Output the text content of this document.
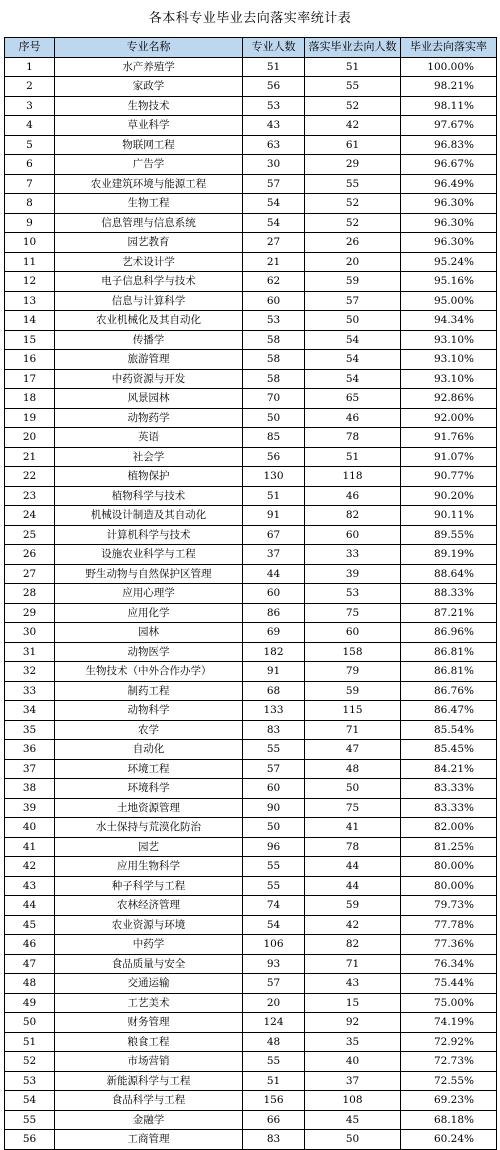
各本科专业毕业去向落实率统计表
序号	专业名称	专业人数	落实毕业去向人数	毕业去向落实率
1	水产养殖学	51	51	100.00%
2	家政学	56	55	98.21%
3	生物技术	53	52	98.11%
4	草业科学	43	42	97.67%
5	物联网工程	63	61	96.83%
6	广告学	30	29	96.67%
7	农业建筑环境与能源工程	57	55	96.49%
8	生物工程	54	52	96.30%
9	信息管理与信息系统	54	52	96.30%
10	园艺教育	27	26	96.30%
11	艺术设计学	21	20	95.24%
12	电子信息科学与技术	62	59	95.16%
13	信息与计算科学	60	57	95.00%
14	农业机械化及其自动化	53	50	94.34%
15	传播学	58	54	93.10%
16	旅游管理	58	54	93.10%
17	中药资源与开发	58	54	93.10%
18	风景园林	70	65	92.86%
19	动物药学	50	46	92.00%
20	英语	85	78	91.76%
21	社会学	56	51	91.07%
22	植物保护	130	118	90.77%
23	植物科学与技术	51	46	90.20%
24	机械设计制造及其自动化	91	82	90.11%
25	计算机科学与技术	67	60	89.55%
26	设施农业科学与工程	37	33	89.19%
27	野生动物与自然保护区管理	44	39	88.64%
28	应用心理学	60	53	88.33%
29	应用化学	86	75	87.21%
30	园林	69	60	86.96%
31	动物医学	182	158	86.81%
32	生物技术（中外合作办学）	91	79	86.81%
33	制药工程	68	59	86.76%
34	动物科学	133	115	86.47%
35	农学	83	71	85.54%
36	自动化	55	47	85.45%
37	环境工程	57	48	84.21%
38	环境科学	60	50	83.33%
39	土地资源管理	90	75	83.33%
40	水土保持与荒漠化防治	50	41	82.00%
41	园艺	96	78	81.25%
42	应用生物科学	55	44	80.00%
43	种子科学与工程	55	44	80.00%
44	农林经济管理	74	59	79.73%
45	农业资源与环境	54	42	77.78%
46	中药学	106	82	77.36%
47	食品质量与安全	93	71	76.34%
48	交通运输	57	43	75.44%
49	工艺美术	20	15	75.00%
50	财务管理	124	92	74.19%
51	粮食工程	48	35	72.92%
52	市场营销	55	40	72.73%
53	新能源科学与工程	51	37	72.55%
54	食品科学与工程	156	108	69.23%
55	金融学	66	45	68.18%
56	工商管理	83	50	60.24%
